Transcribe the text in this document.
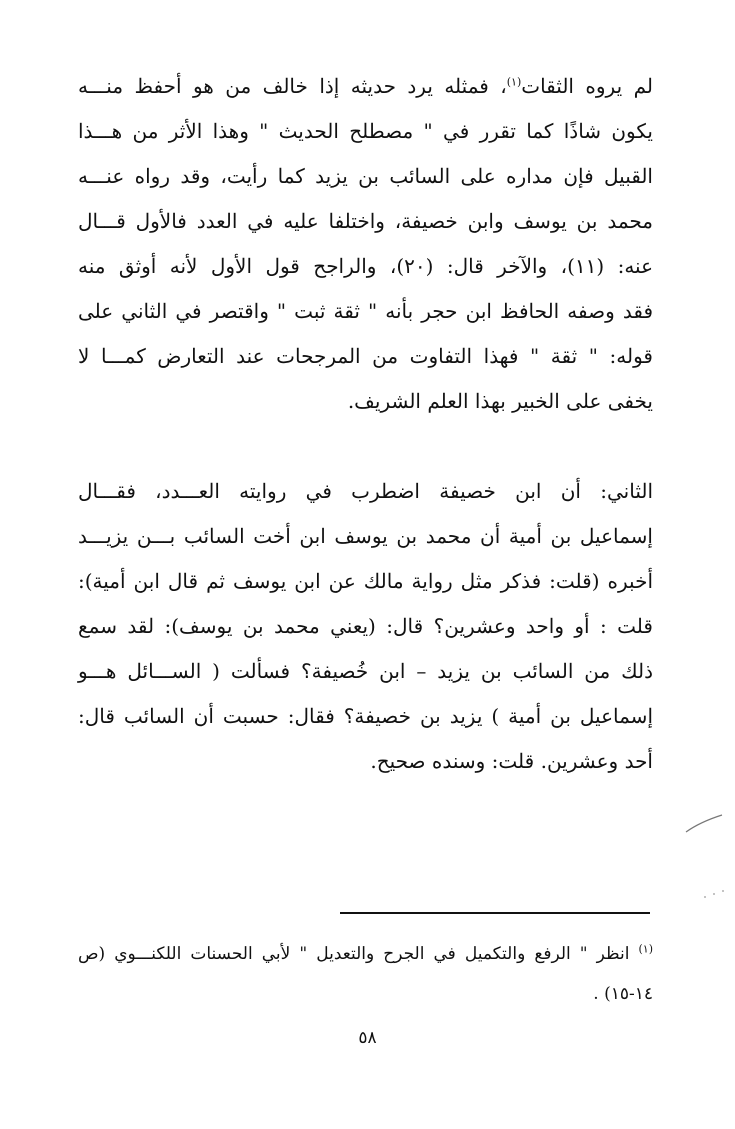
لم يروه الثقات$^{(١)}$، فمثله يرد حديثه إذا خالف من هو أحفظ منـــه
يكون شاذًا كما تقرر في " مصطلح الحديث " وهذا الأثر من هـــذا
القبيل فإن مداره على السائب بن يزيد كما رأيت، وقد رواه عنـــه
محمد بن يوسف وابن خصيفة، واختلفا عليه في العدد فالأول قـــال
عنه: (١١)، والآخر قال: (٢٠)، والراجح قول الأول لأنه أوثق منه
فقد وصفه الحافظ ابن حجر بأنه " ثقة ثبت " واقتصر في الثاني على
قوله: " ثقة " فهذا التفاوت من المرجحات عند التعارض كمـــا لا
يخفى على الخبير بهذا العلم الشريف.
الثاني: أن ابن خصيفة اضطرب في روايته العـــدد، فقـــال
إسماعيل بن أمية أن محمد بن يوسف ابن أخت السائب بـــن يزيـــد
أخبره (قلت: فذكر مثل رواية مالك عن ابن يوسف ثم قال ابن أمية):
قلت : أو واحد وعشرين؟ قال: (يعني محمد بن يوسف): لقد سمع
ذلك من السائب بن يزيد – ابن خُصيفة؟ فسألت ( الســـائل هـــو
إسماعيل بن أمية ) يزيد بن خصيفة؟ فقال: حسبت أن السائب قال:
أحد وعشرين. قلت: وسنده صحيح.
$^{(١)}$ انظر " الرفع والتكميل في الجرح والتعديل " لأبي الحسنات اللكنـــوي (ص
١٤-١٥) .
٥٨
